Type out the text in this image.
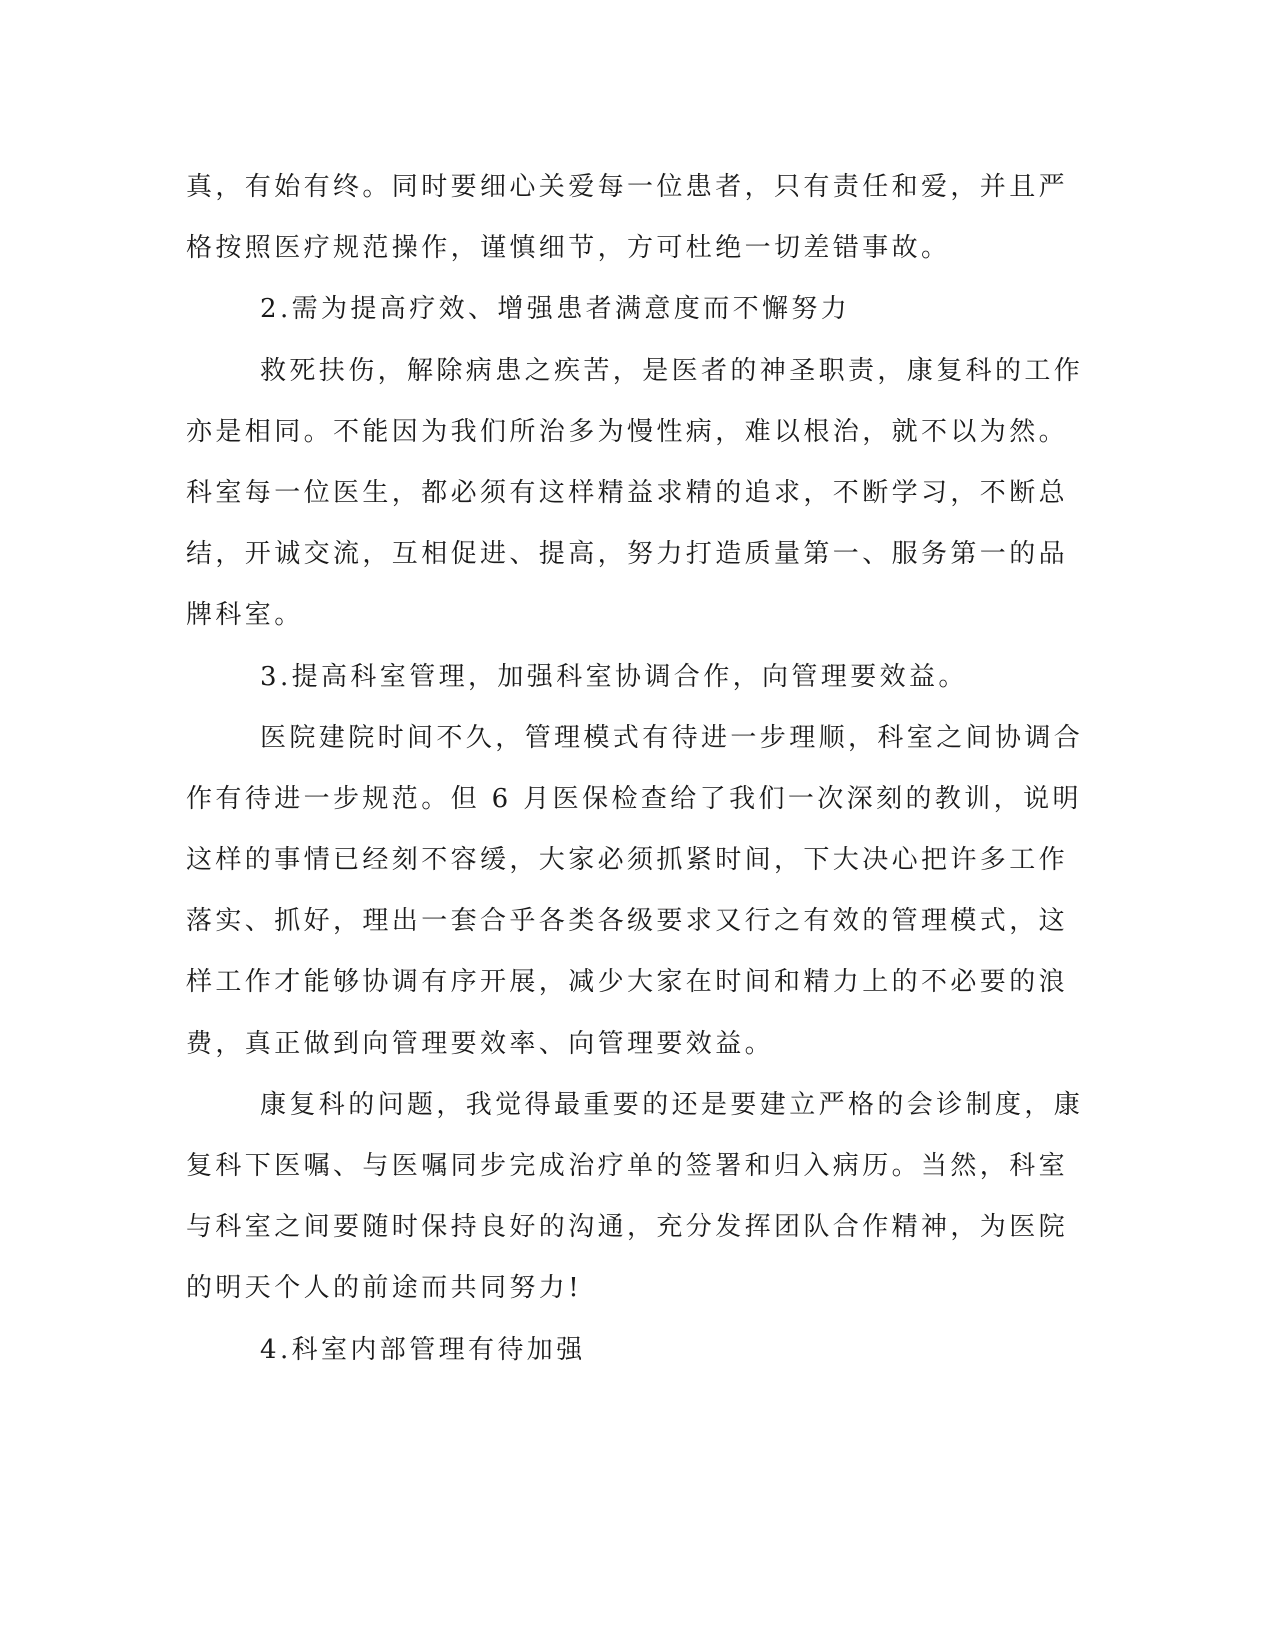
真，有始有终。同时要细心关爱每一位患者，只有责任和爱，并且严
格按照医疗规范操作，谨慎细节，方可杜绝一切差错事故。
2.需为提高疗效、增强患者满意度而不懈努力
救死扶伤，解除病患之疾苦，是医者的神圣职责，康复科的工作
亦是相同。不能因为我们所治多为慢性病，难以根治，就不以为然。
科室每一位医生，都必须有这样精益求精的追求，不断学习，不断总
结，开诚交流，互相促进、提高，努力打造质量第一、服务第一的品
牌科室。
3.提高科室管理，加强科室协调合作，向管理要效益。
医院建院时间不久，管理模式有待进一步理顺，科室之间协调合
作有待进一步规范。但 6 月医保检查给了我们一次深刻的教训，说明
这样的事情已经刻不容缓，大家必须抓紧时间，下大决心把许多工作
落实、抓好，理出一套合乎各类各级要求又行之有效的管理模式，这
样工作才能够协调有序开展，减少大家在时间和精力上的不必要的浪
费，真正做到向管理要效率、向管理要效益。
康复科的问题，我觉得最重要的还是要建立严格的会诊制度，康
复科下医嘱、与医嘱同步完成治疗单的签署和归入病历。当然，科室
与科室之间要随时保持良好的沟通，充分发挥团队合作精神，为医院
的明天个人的前途而共同努力!
4.科室内部管理有待加强
